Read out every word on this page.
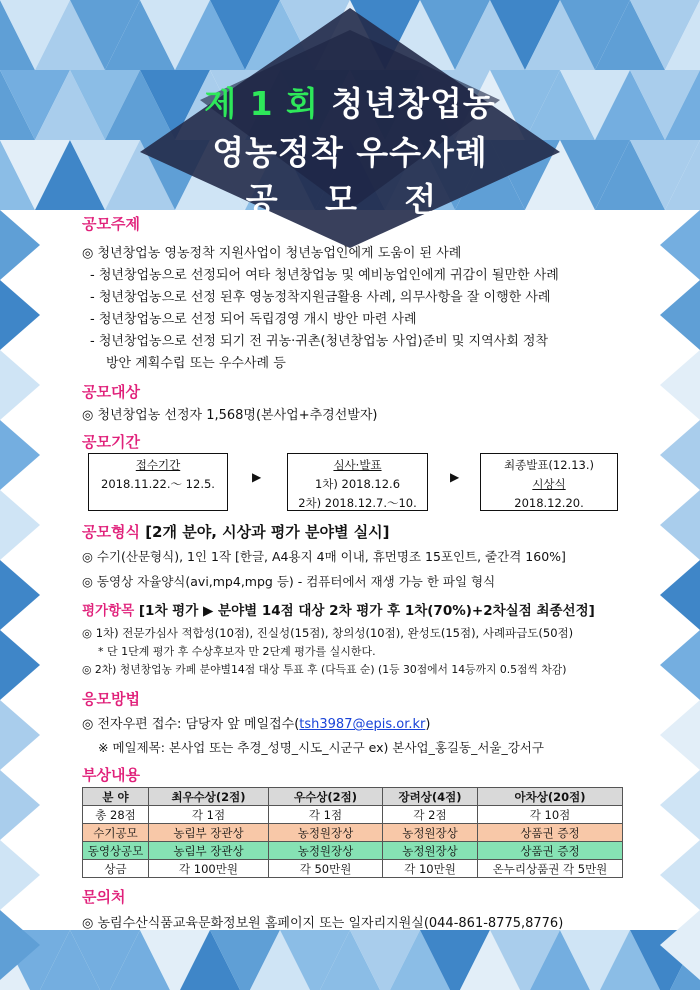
제 1 회 청년창업농
영농정착 우수사례
공 모 전
공모주제
◎ 청년창업농 영농정착 지원사업이 청년농업인에게 도움이 된 사례
- 청년창업농으로 선정되어 여타 청년창업농 및 예비농업인에게 귀감이 될만한 사례
- 청년창업농으로 선정 된후 영농정착지원금활용 사례, 의무사항을 잘 이행한 사례
- 청년창업농으로 선정 되어 독립경영 개시 방안 마련 사례
- 청년창업농으로 선정 되기 전 귀농·귀촌(청년창업농 사업)준비 및 지역사회 정착
방안 계획수립 또는 우수사례 등
공모대상
◎ 청년창업농 선정자 1,568명(본사업+추경선발자)
공모기간
접수기간
2018.11.22.～ 12.5.	▶
심사·발표
1차) 2018.12.6
2차) 2018.12.7.～10.
▶
최종발표(12.13.)
시상식
2018.12.20.
공모형식 [2개 분야, 시상과 평가 분야별 실시]
◎ 수기(산문형식), 1인 1작 [한글, A4용지 4매 이내, 휴먼명조 15포인트, 줄간격 160%]
◎ 동영상 자율양식(avi,mp4,mpg 등) - 컴퓨터에서 재생 가능 한 파일 형식
평가항목 [1차 평가 ▶ 분야별 14점 대상 2차 평가 후 1차(70%)+2차실점 최종선정]
◎ 1차) 전문가심사 적합성(10점), 진실성(15점), 창의성(10점), 완성도(15점), 사례파급도(50점)
* 단 1단계 평가 후 수상후보자 만 2단계 평가를 실시한다.
◎ 2차) 청년창업농 카페 분야별14점 대상 투표 후 (다득표 순) (1등 30점에서 14등까지 0.5점씩 차감)
응모방법
◎ 전자우편 접수: 담당자 앞 메일접수(tsh3987@epis.or.kr)
※ 메일제목: 본사업 또는 추경_성명_시도_시군구 ex) 본사업_홍길동_서울_강서구
부상내용
분 야	최우수상(2점)	우수상(2점)	장려상(4점)	아차상(20점)
총 28점	각 1점	각 1점	각 2점	각 10점
수기공모	농림부 장관상	농정원장상	농정원장상	상품권 증정
동영상공모	농림부 장관상	농정원장상	농정원장상	상품권 증정
상금	각 100만원	각 50만원	각 10만원	온누리상품권 각 5만원
문의처
◎ 농림수산식품교육문화정보원 홈페이지 또는 일자리지원실(044-861-8775,8776)
